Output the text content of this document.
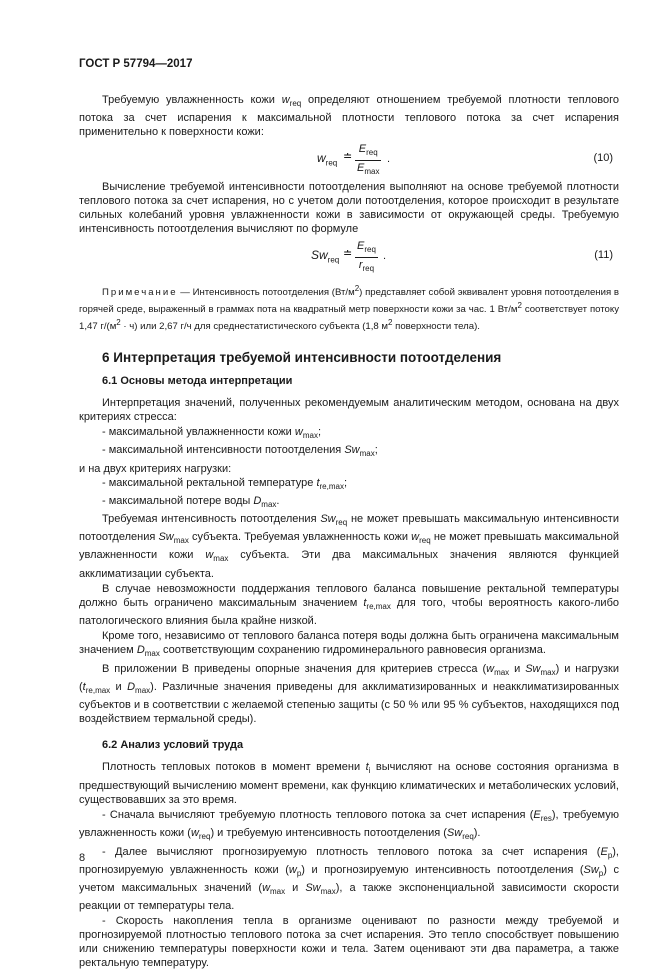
ГОСТ Р 57794—2017

Требуемую увлажненность кожи $w_{req}$ определяют отношением требуемой плотности теплового потока за счет испарения к максимальной плотности теплового потока за счет испарения применительно к поверхности кожи:

$w_{req}$ ≐
$E_{req}$
$E_{max}$
.	(10)

Вычисление требуемой интенсивности потоотделения выполняют на основе требуемой плотности теплового потока за счет испарения, но с учетом доли потоотделения, которое происходит в результате сильных колебаний уровня увлажненности кожи в зависимости от окружающей среды. Требуемую интенсивность потоотделения вычисляют по формуле

$Sw_{req}$ ≐
$E_{req}$
$r_{req}$
.	(11)

Примечание — Интенсивность потоотделения $(Вт/м^2)$ представляет собой эквивалент уровня потоотделения в горячей среде, выраженный в граммах пота на квадратный метр поверхности кожи за час. 1 $Вт/м^2$ соответствует потоку 1,47 $г/(м^2 \cdot ч)$ или 2,67 г/ч для среднестатистического субъекта (1,8 $м^2$ поверхности тела).

6 Интерпретация требуемой интенсивности потоотделения
6.1 Основы метода интерпретации

Интерпретация значений, полученных рекомендуемым аналитическим методом, основана на двух критериях стресса:

- максимальной увлажненности кожи $w_{max}$;

- максимальной интенсивности потоотделения $Sw_{max}$;

и на двух критериях нагрузки:

- максимальной ректальной температуре $t_{re,max}$;

- максимальной потере воды $D_{max}$.

Требуемая интенсивность потоотделения $Sw_{req}$ не может превышать максимальную интенсивности потоотделения $Sw_{max}$ субъекта. Требуемая увлажненность кожи $w_{req}$ не может превышать максимальной увлажненности кожи $w_{max}$ субъекта. Эти два максимальных значения являются функцией акклиматизации субъекта.

В случае невозможности поддержания теплового баланса повышение ректальной температуры должно быть ограничено максимальным значением $t_{re,max}$ для того, чтобы вероятность какого-либо патологического влияния была крайне низкой.

Кроме того, независимо от теплового баланса потеря воды должна быть ограничена максимальным значением $D_{max}$ соответствующим сохранению гидроминерального равновесия организма.

В приложении В приведены опорные значения для критериев стресса ($w_{max}$ и $Sw_{max}$) и нагрузки ($t_{re,max}$ и $D_{max}$). Различные значения приведены для акклиматизированных и неакклиматизированных субъектов и в соответствии с желаемой степенью защиты (с 50 % или 95 % субъектов, находящихся под воздействием термальной среды).

6.2 Анализ условий труда

Плотность тепловых потоков в момент времени $t_i$ вычисляют на основе состояния организма в предшествующий вычислению момент времени, как функцию климатических и метаболических условий, существовавших за это время.

- Сначала вычисляют требуемую плотность теплового потока за счет испарения $(E_{res})$, требуемую увлажненность кожи $(w_{req})$ и требуемую интенсивность потоотделения $(Sw_{req})$.

- Далее вычисляют прогнозируемую плотность теплового потока за счет испарения $(E_p)$, прогнозируемую увлажненность кожи $(w_p)$ и прогнозируемую интенсивность потоотделения $(Sw_p)$ с учетом максимальных значений ($w_{max}$ и $Sw_{max}$), а также экспоненциальной зависимости скорости реакции от температуры тела.

- Скорость накопления тепла в организме оценивают по разности между требуемой и прогнозируемой плотностью теплового потока за счет испарения. Это тепло способствует повышению или снижению температуры поверхности кожи и тела. Затем оценивают эти два параметра, а также ректальную температуру.

8
